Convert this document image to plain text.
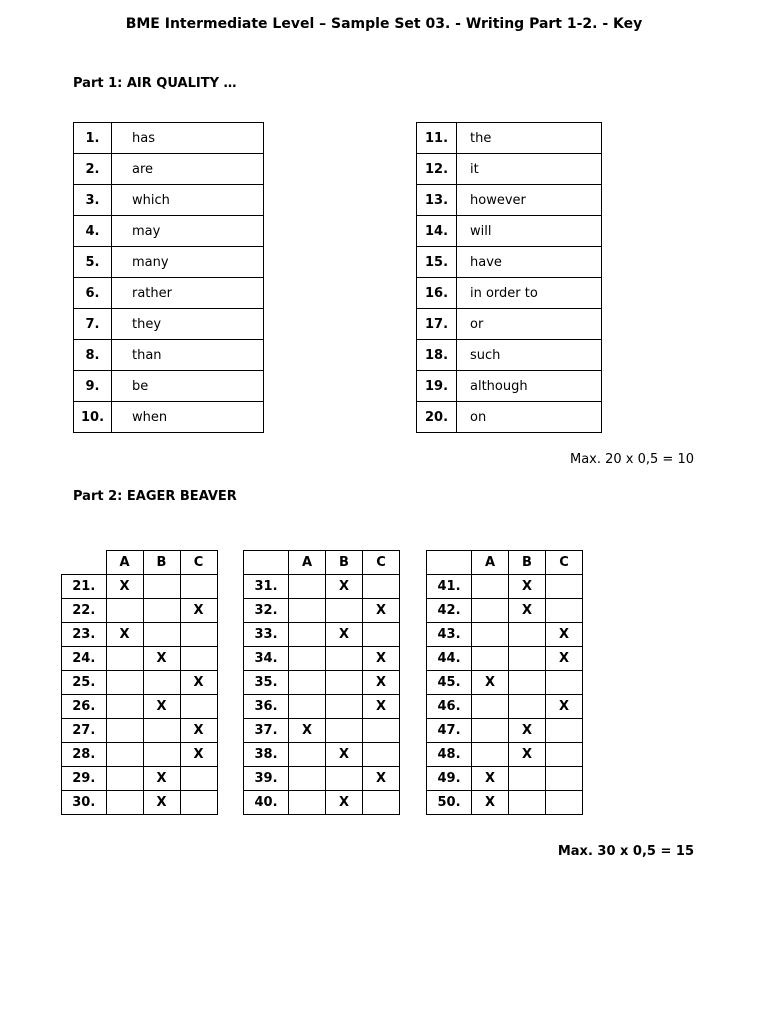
BME Intermediate Level – Sample Set 03. - Writing Part 1-2. - Key
Part 1: AIR QUALITY …
1.	has
2.	are
3.	which
4.	may
5.	many
6.	rather
7.	they
8.	than
9.	be
10.	when
11.	the
12.	it
13.	however
14.	will
15.	have
16.	in order to
17.	or
18.	such
19.	although
20.	on
Max. 20 x 0,5 = 10
Part 2: EAGER BEAVER
	A	B	C
21.	X		
22.			X
23.	X		
24.		X	
25.			X
26.		X	
27.			X
28.			X
29.		X	
30.		X	
	A	B	C
31.		X	
32.			X
33.		X	
34.			X
35.			X
36.			X
37.	X		
38.		X	
39.			X
40.		X	
	A	B	C
41.		X	
42.		X	
43.			X
44.			X
45.	X		
46.			X
47.		X	
48.		X	
49.	X		
50.	X		
Max. 30 x 0,5 = 15
